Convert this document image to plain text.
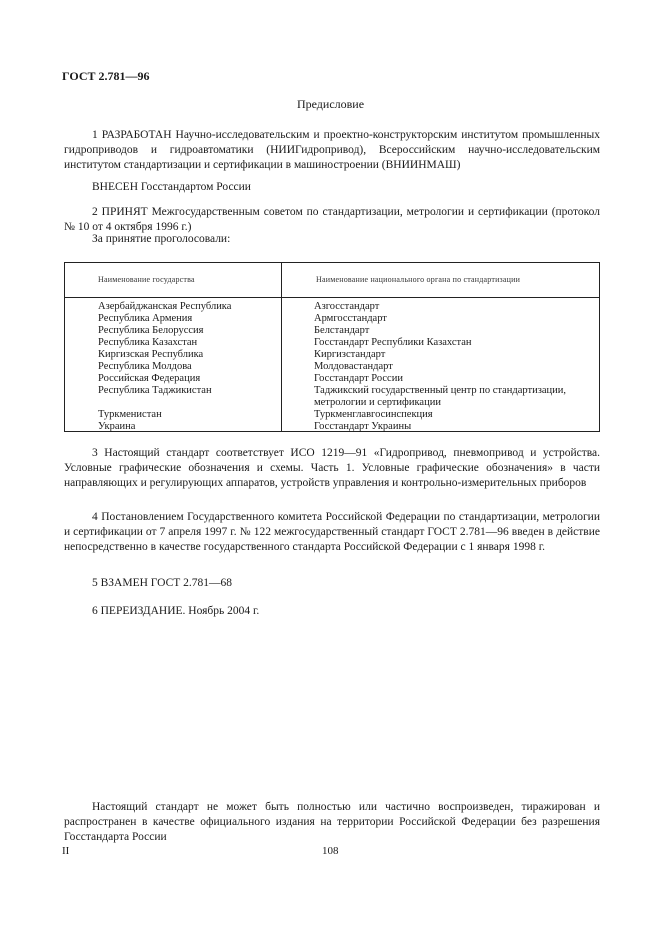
ГОСТ 2.781—96
Предисловие

1 РАЗРАБОТАН Научно-исследовательским и проектно-конструкторским институтом промышленных гидроприводов и гидроавтоматики (НИИГидропривод), Всероссийским научно-исследовательским институтом стандартизации и сертификации в машиностроении (ВНИИНМАШ)

ВНЕСЕН Госстандартом России

2 ПРИНЯТ Межгосударственным советом по стандартизации, метрологии и сертификации (протокол № 10 от 4 октября 1996 г.)

За принятие проголосовали:

Наименование государства	Наименование национального органа по стандартизации
Азербайджанская Республика	Азгосстандарт
Республика Армения	Армгосстандарт
Республика Белоруссия	Белстандарт
Республика Казахстан	Госстандарт Республики Казахстан
Киргизская Республика	Киргизстандарт
Республика Молдова	Молдовастандарт
Российская Федерация	Госстандарт России
Республика Таджикистан	Таджикский государственный центр по стандартизации, метрологии и сертификации
Туркменистан	Туркменглавгосинспекция
Украина	Госстандарт Украины

3 Настоящий стандарт соответствует ИСО 1219—91 «Гидропривод, пневмопривод и устройства. Условные графические обозначения и схемы. Часть 1. Условные графические обозначения» в части направляющих и регулирующих аппаратов, устройств управления и контрольно-измерительных приборов

4 Постановлением Государственного комитета Российской Федерации по стандартизации, метрологии и сертификации от 7 апреля 1997 г. № 122 межгосударственный стандарт ГОСТ 2.781—96 введен в действие непосредственно в качестве государственного стандарта Российской Федерации с 1 января 1998 г.

5 ВЗАМЕН ГОСТ 2.781—68

6 ПЕРЕИЗДАНИЕ. Ноябрь 2004 г.

Настоящий стандарт не может быть полностью или частично воспроизведен, тиражирован и распространен в качестве официального издания на территории Российской Федерации без разрешения Госстандарта России

II	108
